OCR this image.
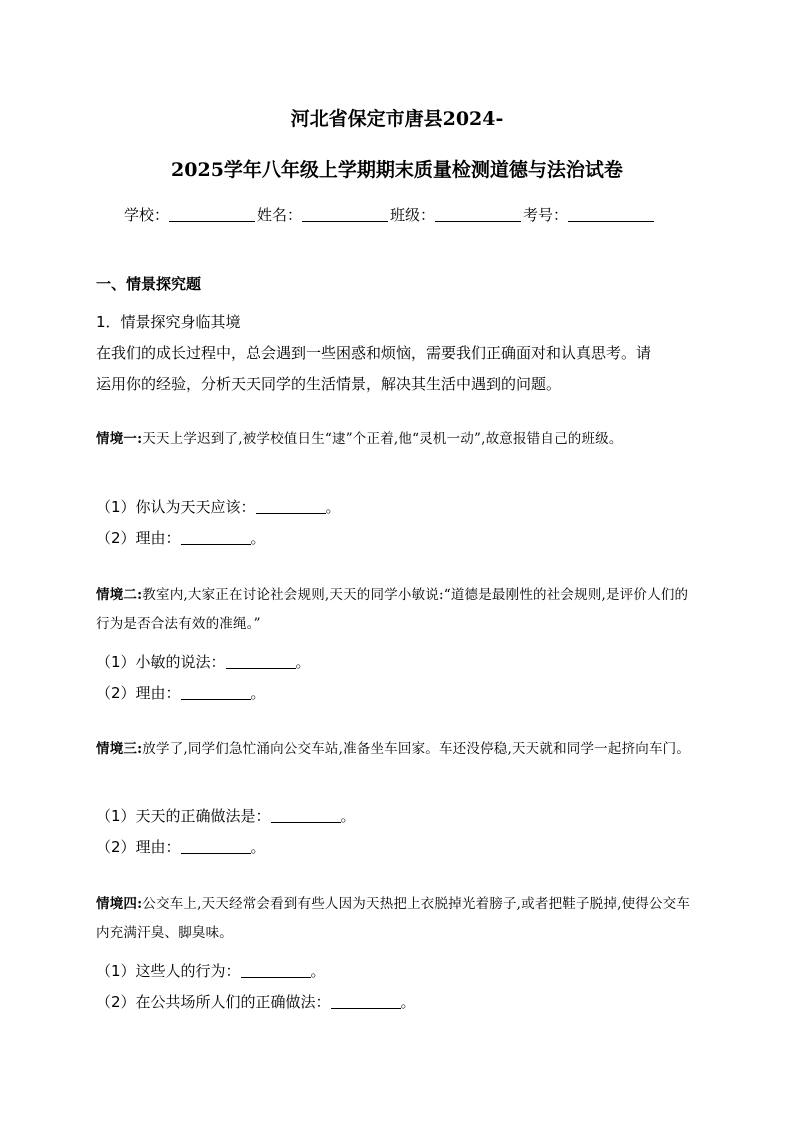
河北省保定市唐县2024-
2025学年八年级上学期期末质量检测道德与法治试卷
学校：	姓名：	班级：	考号：
一、情景探究题
1．情景探究身临其境
在我们的成长过程中，总会遇到一些困惑和烦恼，需要我们正确面对和认真思考。请
运用你的经验，分析天天同学的生活情景，解决其生活中遇到的问题。
情境一:天天上学迟到了,被学校值日生“逮”个正着,他“灵机一动”,故意报错自己的班级。
（1）你认为天天应该：	。
（2）理由：	。
情境二:教室内,大家正在讨论社会规则,天天的同学小敏说:“道德是最刚性的社会规则,是评价人们的行为是否合法有效的准绳。”
（1）小敏的说法：	。
（2）理由：	。
情境三:放学了,同学们急忙涌向公交车站,准备坐车回家。车还没停稳,天天就和同学一起挤向车门。
（1）天天的正确做法是：	。
（2）理由：	。
情境四:公交车上,天天经常会看到有些人因为天热把上衣脱掉光着膀子,或者把鞋子脱掉,使得公交车内充满汗臭、脚臭味。
（1）这些人的行为：	。
（2）在公共场所人们的正确做法：	。
